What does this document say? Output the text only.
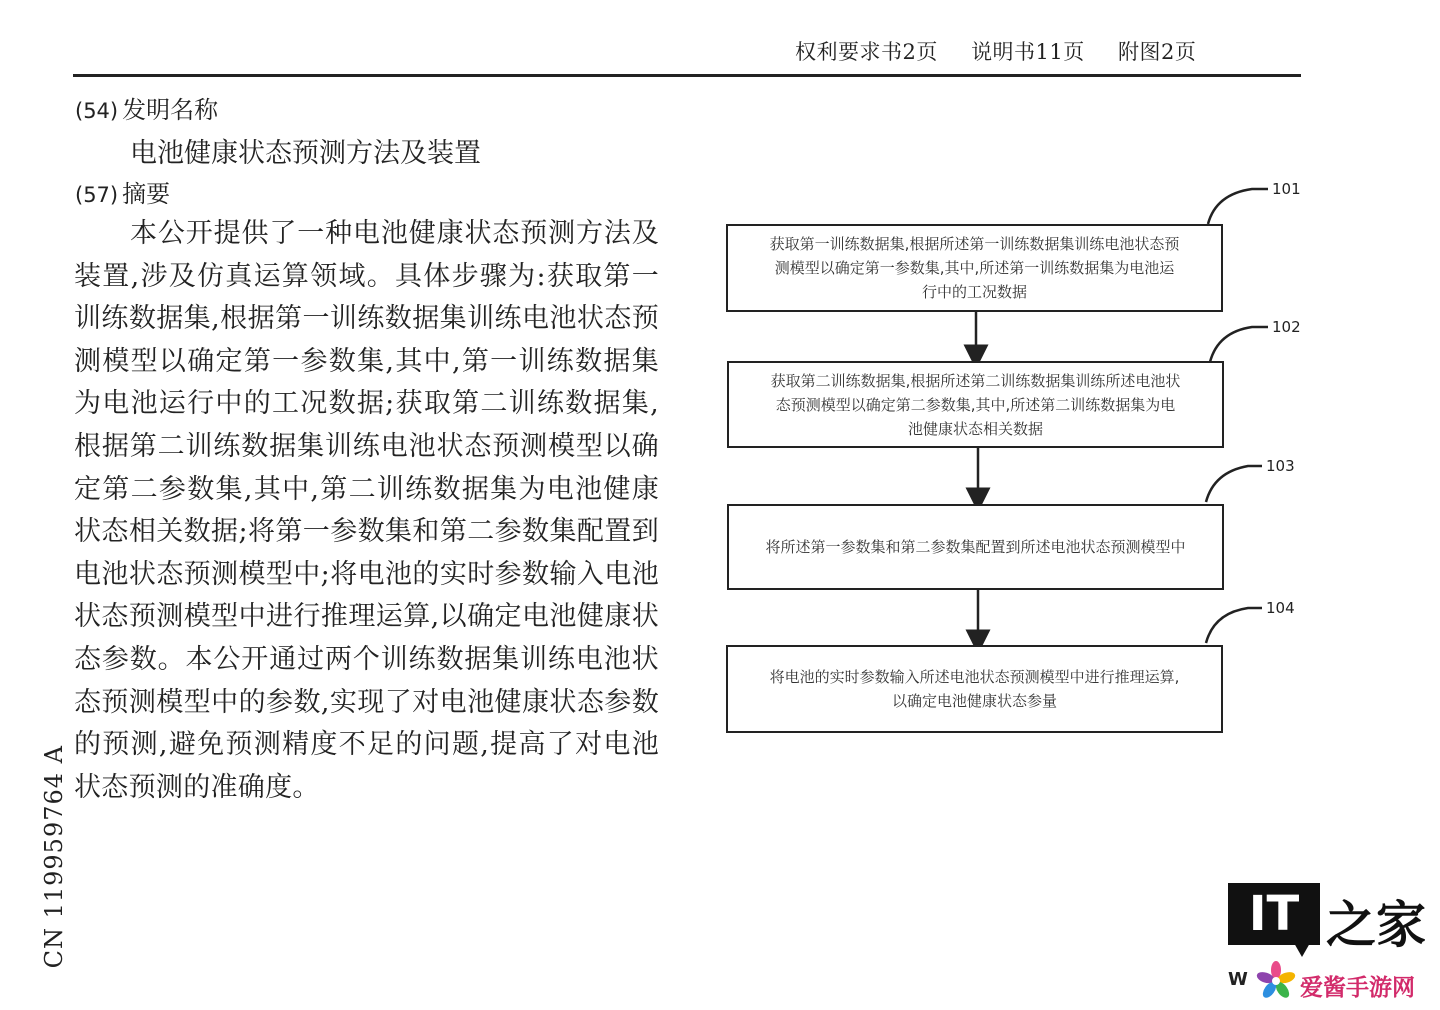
权利要求书2页 说明书11页 附图2页
(54) 发明名称
电池健康状态预测方法及装置
(57) 摘要
本公开提供了一种电池健康状态预测方法及装置,涉及仿真运算领域。具体步骤为:获取第一训练数据集,根据第一训练数据集训练电池状态预测模型以确定第一参数集,其中,第一训练数据集为电池运行中的工况数据;获取第二训练数据集,根据第二训练数据集训练电池状态预测模型以确定第二参数集,其中,第二训练数据集为电池健康状态相关数据;将第一参数集和第二参数集配置到电池状态预测模型中;将电池的实时参数输入电池状态预测模型中进行推理运算,以确定电池健康状态参数。本公开通过两个训练数据集训练电池状态预测模型中的参数,实现了对电池健康状态参数的预测,避免预测精度不足的问题,提高了对电池状态预测的准确度。
CN 119959764 A
101
102
103
104
获取第一训练数据集,根据所述第一训练数据集训练电池状态预
测模型以确定第一参数集,其中,所述第一训练数据集为电池运
行中的工况数据
获取第二训练数据集,根据所述第二训练数据集训练所述电池状
态预测模型以确定第二参数集,其中,所述第二训练数据集为电
池健康状态相关数据
将所述第一参数集和第二参数集配置到所述电池状态预测模型中
将电池的实时参数输入所述电池状态预测模型中进行推理运算,
以确定电池健康状态参量
IT 之家
W 爱酱手游网
